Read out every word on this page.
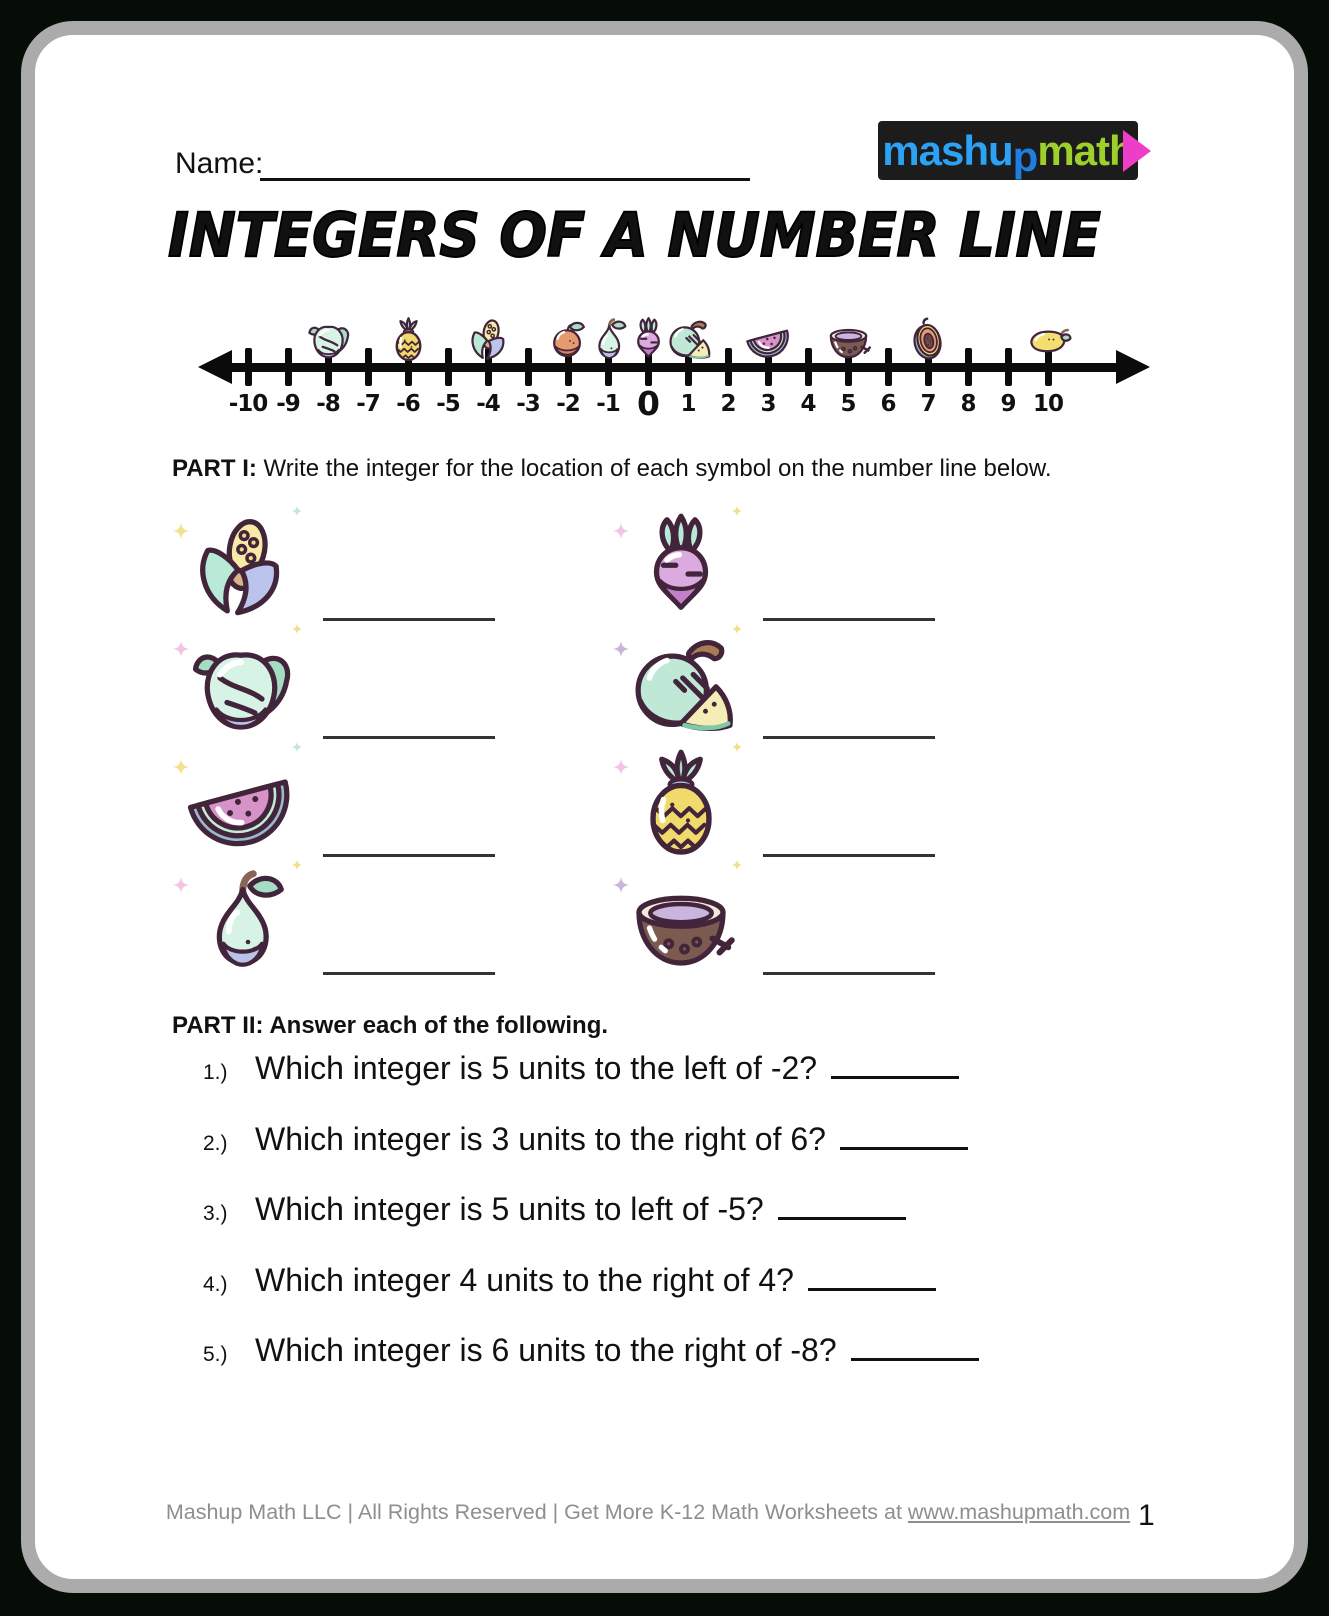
Name:	mashu p math
INTEGERS OF A NUMBER LINE
-10 -9 -8 -7 -6 -5 -4 -3 -2 -1 0 1 2 3 4 5 6 7 8 9 10
PART I: Write the integer for the location of each symbol on the number line below.
PART II: Answer each of the following.
1.) Which integer is 5 units to the left of -2?
2.) Which integer is 3 units to the right of 6?
3.) Which integer is 5 units to left of -5?
4.) Which integer 4 units to the right of 4?
5.) Which integer is 6 units to the right of -8?
Mashup Math LLC | All Rights Reserved | Get More K-12 Math Worksheets at www.mashupmath.com 1
